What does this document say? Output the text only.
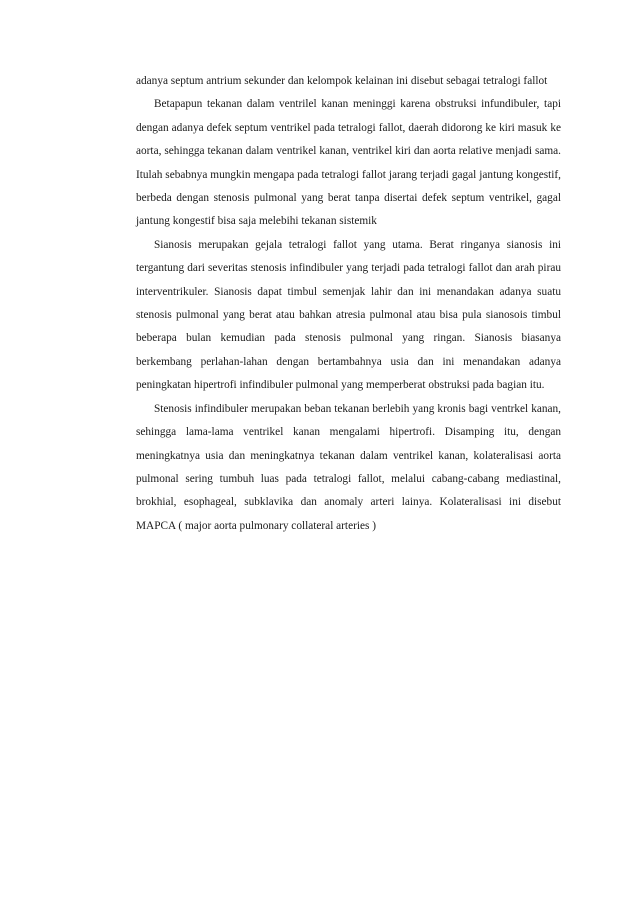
adanya septum antrium sekunder dan kelompok kelainan ini disebut sebagai tetralogi fallot

Betapapun tekanan dalam ventrilel kanan meninggi karena obstruksi infundibuler, tapi dengan adanya defek septum ventrikel pada tetralogi fallot, daerah didorong ke kiri masuk ke aorta, sehingga tekanan dalam ventrikel kanan, ventrikel kiri dan aorta relative menjadi sama. Itulah sebabnya mungkin mengapa pada tetralogi fallot jarang terjadi gagal jantung kongestif, berbeda dengan stenosis pulmonal yang berat tanpa disertai defek septum ventrikel, gagal jantung kongestif bisa saja melebihi tekanan sistemik

Sianosis merupakan gejala tetralogi fallot yang utama. Berat ringanya sianosis ini tergantung dari severitas stenosis infindibuler yang terjadi pada tetralogi fallot dan arah pirau interventrikuler. Sianosis dapat timbul semenjak lahir dan ini menandakan adanya suatu stenosis pulmonal yang berat atau bahkan atresia pulmonal atau bisa pula sianosois timbul beberapa bulan kemudian pada stenosis pulmonal yang ringan. Sianosis biasanya berkembang perlahan-lahan dengan bertambahnya usia dan ini menandakan adanya peningkatan hipertrofi infindibuler pulmonal yang memperberat obstruksi pada bagian itu.

Stenosis infindibuler merupakan beban tekanan berlebih yang kronis bagi ventrkel kanan, sehingga lama-lama ventrikel kanan mengalami hipertrofi. Disamping itu, dengan meningkatnya usia dan meningkatnya tekanan dalam ventrikel kanan, kolateralisasi aorta pulmonal sering tumbuh luas pada tetralogi fallot, melalui cabang-cabang mediastinal, brokhial, esophageal, subklavika dan anomaly arteri lainya. Kolateralisasi ini disebut MAPCA ( major aorta pulmonary collateral arteries )
